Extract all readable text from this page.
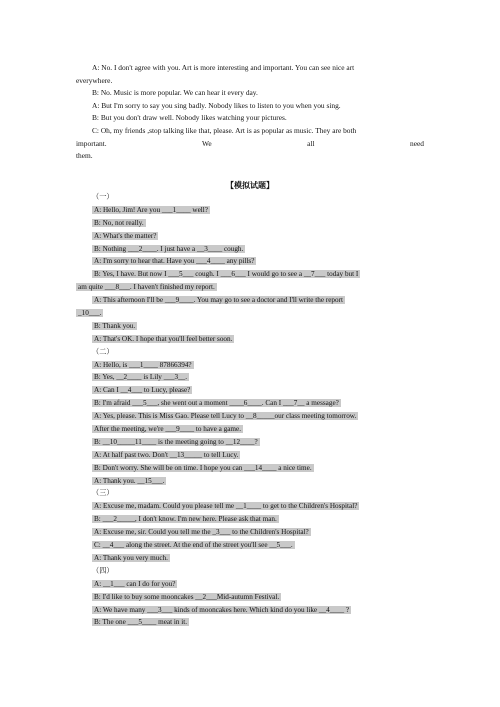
A: No. I don't agree with you. Art is more interesting and important. You can see nice art

everywhere.

B: No. Music is more popular. We can hear it every day.

A: But I'm sorry to say you sing badly. Nobody likes to listen to you when you sing.

B: But you don't draw well. Nobody likes watching your pictures.

C: Oh, my friends ,stop talking like that, please. Art is as popular as music. They are both

important.	We	all	need

them.

【模拟试题】
（一）
A: Hello, Jim! Are you ___1____ well?
B: No, not really.
A: What's the matter?
B: Nothing ___2____. I just have a __3____ cough.
A: I'm sorry to hear that. Have you ___4____ any pills?
B: Yes, I have. But now I ___5___ cough. I ___6___ I would go to see a __7___ today but I
am quite ___8___. I haven't finished my report.
A: This afternoon I'll be ___9____. You may go to see a doctor and I'll write the report
_10___.
B: Thank you.
A: That's OK. I hope that you'll feel better soon.
（二）
A: Hello, is ___1____ 87866394?
B: Yes, __2____ is Lily ___3__.
A: Can I __4___ to Lucy, please?
B: I'm afraid ___5___, she went out a moment ____6____. Can I ___7__ a message?
A: Yes, please. This is Miss Gao. Please tell Lucy to __8_____our class meeting tomorrow.
After the meeting, we're ___9____ to have a game.
B: __10_____11____ is the meeting going to __12____?
A: At half past two. Don't __13_____ to tell Lucy.
B: Don't worry. She will be on time. I hope you can ___14____ a nice time.
A: Thank you. __15___.
（三）
A: Excuse me, madam. Could you please tell me __1____ to get to the Children's Hospital?
B: ___2_____, I don't know. I'm new here. Please ask that man.
A: Excuse me, sir. Could you tell me the _3___ to the Children's Hospital?
C: __4___ along the street. At the end of the street you'll see __5___.
A: Thank you very much.
（四）
A: __1___ can I do for you?
B: I'd like to buy some mooncakes __2___Mid-autumn Festival.
A: We have many ___3___ kinds of mooncakes here. Which kind do you like __4____ ?
B: The one ___5____ meat in it.
